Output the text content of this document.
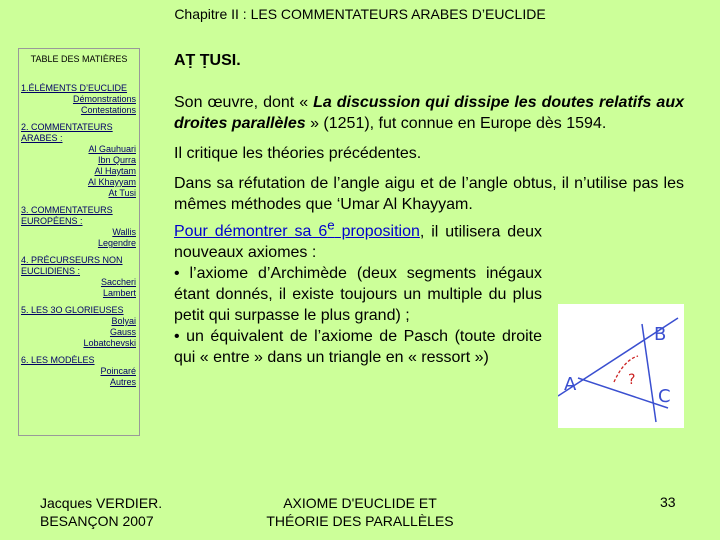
Chapitre II : LES COMMENTATEURS ARABES D’EUCLIDE
TABLE DES MATIÈRES
1.ÉLÉMENTS D’EUCLIDE
Démonstrations
Contestations
2. COMMENTATEURS ARABES :
Al Gauhuari
Ibn Qurra
Al Haytam
Al Khayyam
At Tusi
3. COMMENTATEURS EUROPÉENS :
Wallis
Legendre
4. PRÉCURSEURS NON EUCLIDIENS :
Saccheri
Lambert
5. LES 3O GLORIEUSES
Bolyai
Gauss
Lobatchevski
6. LES MODÈLES
Poincaré
Autres

AṬ ṬUSI.

Son œuvre, dont « La discussion qui dissipe les doutes relatifs aux droites parallèles » (1251), fut connue en Europe dès 1594.

Il critique les théories précédentes.

Dans sa réfutation de l’angle aigu et de l’angle obtus, il n’utilise pas les mêmes méthodes que ‘Umar Al Khayyam.

Pour démontrer sa 6e proposition, il utilisera deux nouveaux axiomes :

• l’axiome d’Archimède (deux segments inégaux étant donnés, il existe toujours un multiple du plus petit qui surpasse le plus grand) ;

• un équivalent de l’axiome de Pasch (toute droite qui « entre » dans un triangle en « ressort »)

B
A	?
C
Jacques VERDIER.
BESANÇON 2007
AXIOME D'EUCLIDE ET
THÉORIE DES PARALLÈLES
33
